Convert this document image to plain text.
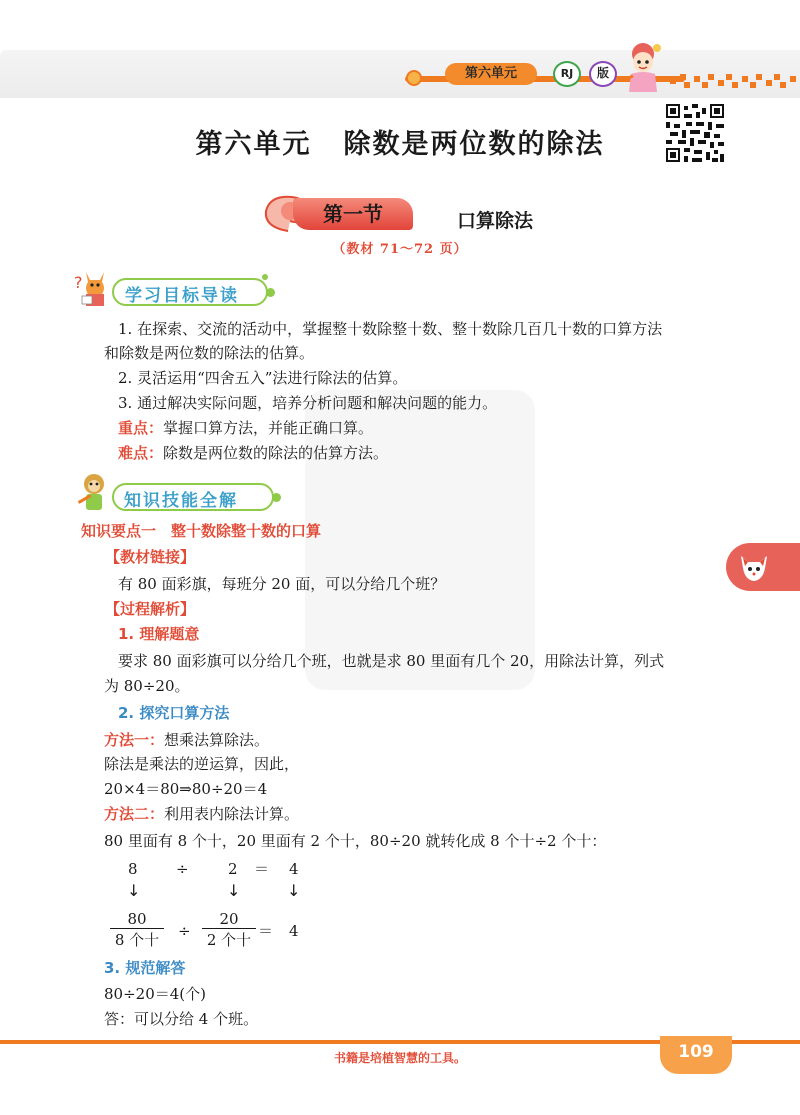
第六单元	RJ	版
第六单元 除数是两位数的除法
第一节	口算除法
（教材 71～72 页）
?
学习目标导读
1. 在探索、交流的活动中，掌握整十数除整十数、整十数除几百几十数的口算方法
和除数是两位数的除法的估算。
2. 灵活运用“四舍五入”法进行除法的估算。
3. 通过解决实际问题，培养分析问题和解决问题的能力。
重点：掌握口算方法，并能正确口算。
难点：除数是两位数的除法的估算方法。
知识技能全解
知识要点一　整十数除整十数的口算
【教材链接】
有 80 面彩旗，每班分 20 面，可以分给几个班？
【过程解析】
1. 理解题意
要求 80 面彩旗可以分给几个班，也就是求 80 里面有几个 20，用除法计算，列式
为 80÷20。
2. 探究口算方法
方法一：想乘法算除法。
除法是乘法的逆运算，因此，
20×4＝80⇒80÷20＝4
方法二：利用表内除法计算。
80 里面有 8 个十，20 里面有 2 个十，80÷20 就转化成 8 个十÷2 个十：
8	÷	2 ＝ 4
↓	↓	↓
80
8 个十	÷
20
2 个十 ＝ 4
3. 规范解答
80÷20＝4(个)
答：可以分给 4 个班。
书籍是培植智慧的工具。	109
